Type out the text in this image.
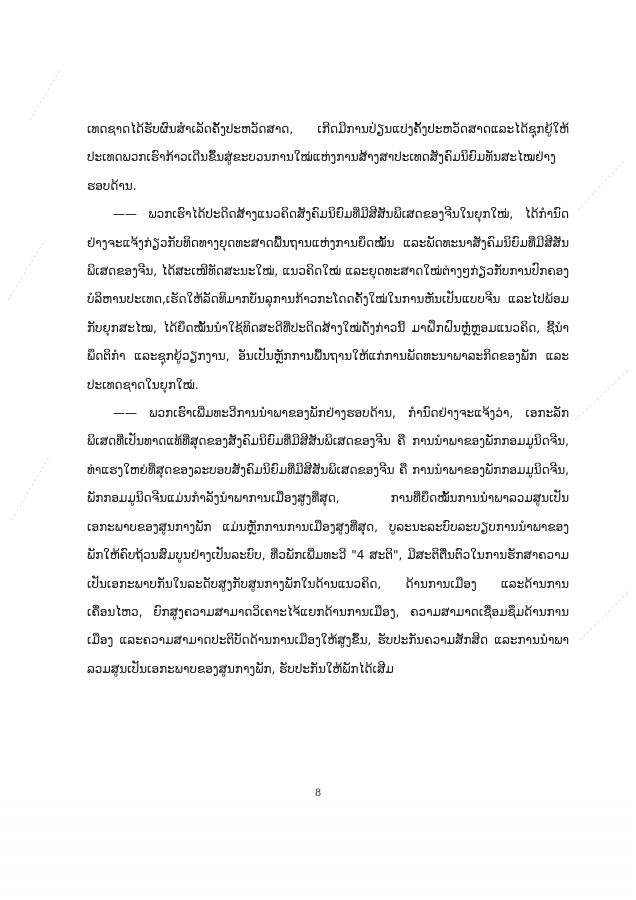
ເທດຊາດໄດ້ຮັບຜົນສຳເລັດຄັ້ງປະຫວັດສາດ, ເກີດມີການປ່ຽນແປງຄັ້ງປະຫວັດສາດແລະໄດ້ຊຸກຍູ້ໃຫ້ປະເທດພວກເຮົາກ້າວເດີນຂຶ້ນສູ່ຂະບວນການໃໝ່ແຫ່ງການສ້າງສາປະເທດສັງຄົມນິຍົມທັນສະໄໝຢ່າງຮອບດ້ານ.

—— ພວກເຮົາໄດ້ປະດິດສ້າງແນວຄິດສັງຄົມນິຍົມທີ່ມີສີສັນພິເສດຂອງຈີນໃນຍຸກໃໝ່, ໄດ້ກຳນົດຢ່າງຈະແຈ້ງກ່ຽວກັບທິດທາງຍຸດທະສາດພື້ນຖານແຫ່ງການຍຶດໝັ້ນ ແລະພັດທະນາສັງຄົມນິຍົມທີ່ມີສີສັນພິເສດຂອງຈີນ, ໄດ້ສະເໜີທັດສະນະໃໝ່, ແນວຄິດໃໝ່ ແລະຍຸດທະສາດໃໝ່ຕ່າງໆກ່ຽວກັບການປົກຄອງບໍລິຫານປະເທດ,ເຮັດໃຫ້ລັດທິມາກບັນລຸການກ້າວກະໂດດຄັ້ງໃໝ່ໃນການຫັນເປັນແບບຈີນ ແລະໄປພ້ອມກັບຍຸກສະໄໝ, ໄດ້ຍຶດໝັ້ນນຳໃຊ້ທິດສະດີທີ່ປະດິດສ້າງໃໝ່ດັ່ງກ່າວນີ້ ມາຝຶກຝົນຫຼໍ່ຫຼອມແນວຄິດ, ຊີ້ນຳພຶດຕິກຳ ແລະຊຸກຍູ້ວຽກງານ, ອັນເປັນຫຼັກການພື້ນຖານໃຫ້ແກ່ການພັດທະນາພາລະກິດຂອງພັກ ແລະປະເທດຊາດໃນຍຸກໃໝ່.

—— ພວກເຮົາເພີ່ມທະວີການນຳພາຂອງພັກຢ່າງຮອບດ້ານ, ກຳນົດຢ່າງຈະແຈ້ງວ່າ, ເອກະລັກພິເສດທີ່ເປັນທາດແທ້ທີ່ສຸດຂອງສັງຄົມນິຍົມທີ່ມີສີສັນພິເສດຂອງຈີນ ຄື ການນຳພາຂອງພັກກອມມູນິດຈີນ, ທ່າແຮງໃຫຍ່ທີ່ສຸດຂອງລະບອບສັງຄົມນິຍົມທີ່ມີສີສັນພິເສດຂອງຈີນ ຄື ການນຳພາຂອງພັກກອມມູນິດຈີນ, ພັກກອມມູນິດຈີນແມ່ນກຳລັງນຳພາການເມືອງສູງທີ່ສຸດ, ການທີ່ຍຶດໝັ້ນການນຳພາລວມສູນເປັນເອກະພາບຂອງສູນກາງພັກ ແມ່ນຫຼັກການການເມືອງສູງທີ່ສຸດ, ບູລະນະລະບົບລະບຽບການນຳພາຂອງພັກໃຫ້ຄົບຖ້ວນສົມບູນຢ່າງເປັນລະບົບ, ທີ່ວພັກເພີ່ມທະວີ "4 ສະຕິ", ມີສະຕິຕື່ນຕົວໃນການຮັກສາຄວາມເປັນເອກະພາບກັນໃນລະດັບສູງກັບສູນກາງພັກໃນດ້ານແນວຄິດ, ດ້ານການເມືອງ ແລະດ້ານການເຄື່ອນໄຫວ, ຍົກສູງຄວາມສາມາດວິເຄາະໄຈ້ແຍກດ້ານການເມືອງ, ຄວາມສາມາດເຊື່ອມຊຶມດ້ານການເມືອງ ແລະຄວາມສາມາດປະຕິບັດດ້ານການເມືອງໃຫ້ສູງຂຶ້ນ, ຮັບປະກັນຄວາມສັກສິດ ແລະການນຳພາລວມສູນເປັນເອກະພາບຂອງສູນກາງພັກ, ຮັບປະກັນໃຫ້ພັກໄດ້ເສີມ

8
